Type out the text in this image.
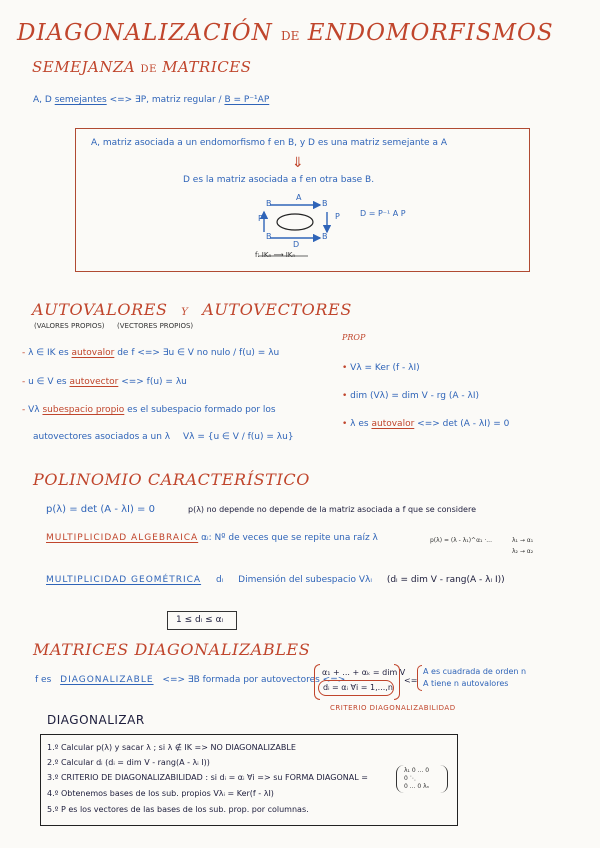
DIAGONALIZACIÓN DE ENDOMORFISMOS
SEMEJANZA DE MATRICES
A, D semejantes <=> ∃P, matriz regular / B = P⁻¹AP
A, matriz asociada a un endomorfismo f en B, y D es una matriz semejante a A
⇓
D es la matriz asociada a f en otra base B.
B
A
B
P	P
B
D
B
D = P⁻¹ A P
f: IKₙ ⟶ IKₙ
AUTOVALORES Y AUTOVECTORES
(VALORES PROPIOS) (VECTORES PROPIOS)
- λ ∈ IK es autovalor de f <=> ∃u ∈ V no nulo / f(u) = λu
- u ∈ V es autovector <=> f(u) = λu
- Vλ subespacio propio es el subespacio formado por los
autovectores asociados a un λ Vλ = {u ∈ V / f(u) = λu}
PROP
• Vλ = Ker (f - λI)
• dim (Vλ) = dim V - rg (A - λI)
• λ es autovalor <=> det (A - λI) = 0
POLINOMIO CARACTERÍSTICO
p(λ) = det (A - λI) = 0	p(λ) no depende no depende de la matriz asociada a f que se considere
MULTIPLICIDAD ALGEBRAICA αᵢ: Nº de veces que se repite una raíz λ	p(λ) = (λ - λ₁)^α₁ ·...	λ₁ → α₁
λ₂ → α₂
MULTIPLICIDAD GEOMÉTRICA dᵢ Dimensión del subespacio Vλᵢ (dᵢ = dim V - rang(A - λᵢ I))
1 ≤ dᵢ ≤ αᵢ
MATRICES DIAGONALIZABLES
f es DIAGONALIZABLE <=> ∃B formada por autovectores <=>
α₁ + ... + αₖ = dim V
dᵢ = αᵢ ∀i = 1,...,n
<=
A es cuadrada de orden n
A tiene n autovalores
CRITERIO DIAGONALIZABILIDAD
DIAGONALIZAR
1.º Calcular p(λ) y sacar λ ; si λ ∉ IK => NO DIAGONALIZABLE
2.º Calcular dᵢ (dᵢ = dim V - rang(A - λᵢ I))
3.º CRITERIO DE DIAGONALIZABILIDAD : si dᵢ = αᵢ ∀i => su FORMA DIAGONAL =
4.º Obtenemos bases de los sub. propios Vλᵢ = Ker(f - λI)
5.º P es los vectores de las bases de los sub. prop. por columnas.
λ₁ 0 ... 0
0 ⋱
0 ... 0 λₙ
